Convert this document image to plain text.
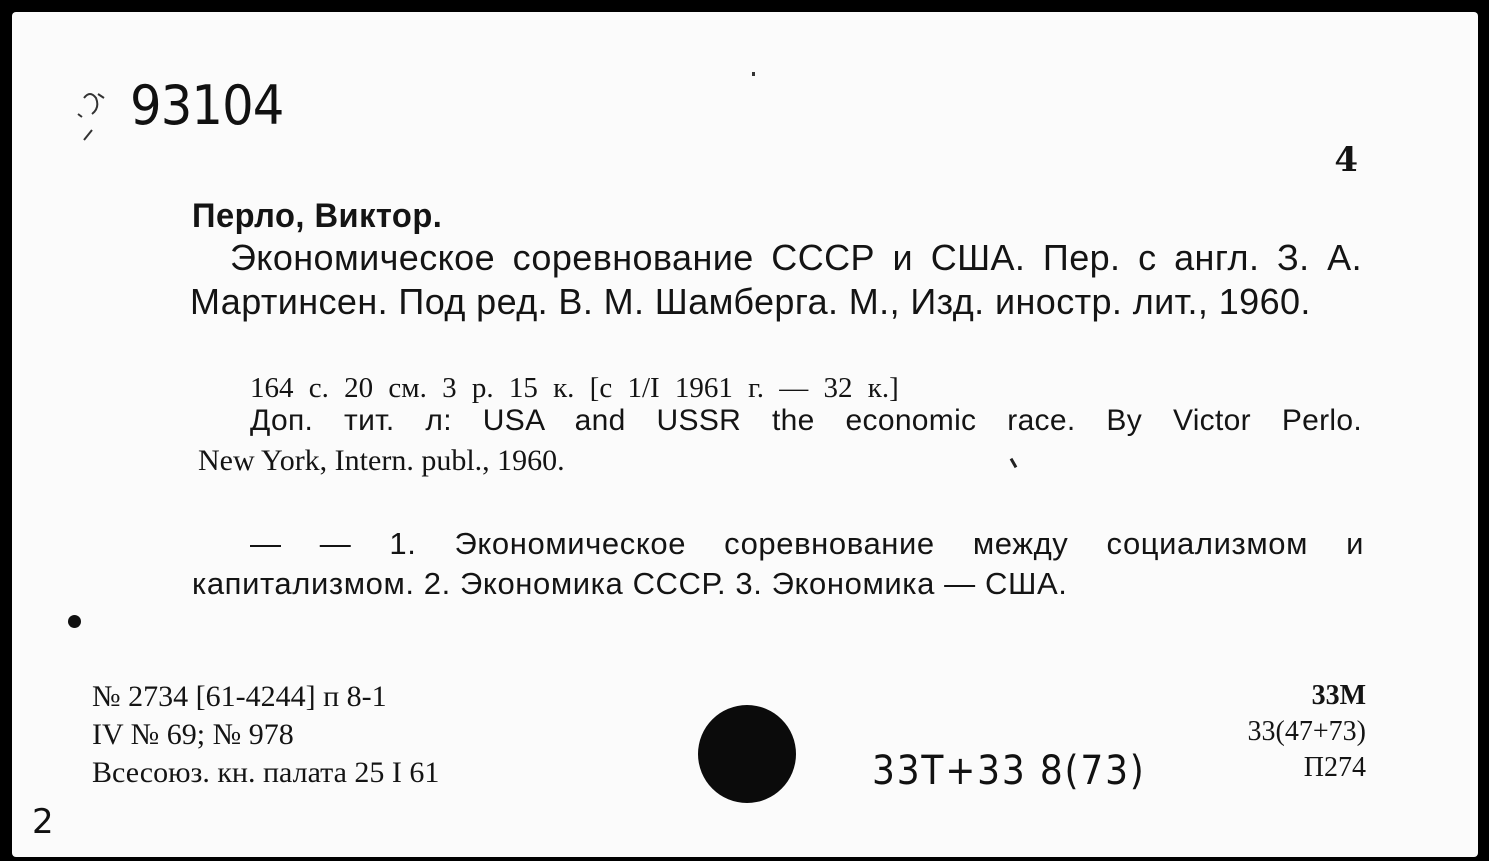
93104
4
Перло, Виктор.
Экономическое соревнование СССР и США. Пер. с англ. З. А. Мартинсен. Под ред. В. М. Шамберга. М., Изд. иностр. лит., 1960.
164 с. 20 см. 3 р. 15 к. [с 1/I 1961 г. — 32 к.]
Доп. тит. л: USA and USSR the economic race. By Victor Perlo.
New York, Intern. publ., 1960.
— — 1. Экономическое соревнование между социализмом и капитализмом. 2. Экономика СССР. 3. Экономика — США.
№ 2734 [61-4244] п 8-1
IV № 69; № 978
Всесоюз. кн. палата 25 I 61	33Т+33 8(73)
33М
33(47+73)
П274
2
